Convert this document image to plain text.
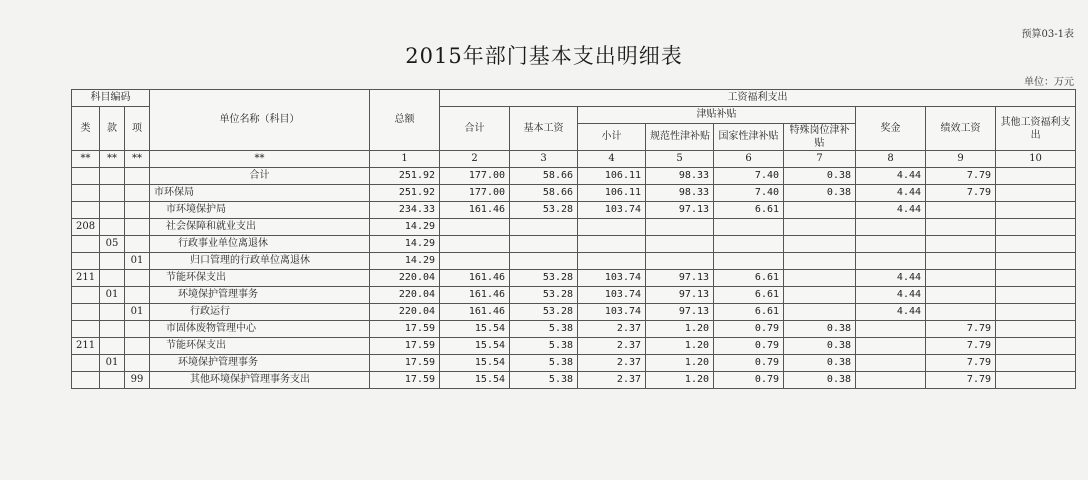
预算03-1表
2015年部门基本支出明细表
单位：万元
科目编码			单位名称（科目）	总额	工资福利支出								
类	款	项			合计	基本工资	津贴补贴				奖金	绩效工资	其他工资福利支出
							小计	规范性津补贴	国家性津补贴	特殊岗位津补贴			
**	**	**	**	1	2	3	4	5	6	7	8	9	10
			合计	251.92	177.00	58.66	106.11	98.33	7.40	0.38	4.44	7.79	
			市环保局	251.92	177.00	58.66	106.11	98.33	7.40	0.38	4.44	7.79	
			市环境保护局	234.33	161.46	53.28	103.74	97.13	6.61		4.44		
208			社会保障和就业支出	14.29									
	05		行政事业单位离退休	14.29									
		01	归口管理的行政单位离退休	14.29									
211			节能环保支出	220.04	161.46	53.28	103.74	97.13	6.61		4.44		
	01		环境保护管理事务	220.04	161.46	53.28	103.74	97.13	6.61		4.44		
		01	行政运行	220.04	161.46	53.28	103.74	97.13	6.61		4.44		
			市固体废物管理中心	17.59	15.54	5.38	2.37	1.20	0.79	0.38		7.79	
211			节能环保支出	17.59	15.54	5.38	2.37	1.20	0.79	0.38		7.79	
	01		环境保护管理事务	17.59	15.54	5.38	2.37	1.20	0.79	0.38		7.79	
		99	其他环境保护管理事务支出	17.59	15.54	5.38	2.37	1.20	0.79	0.38		7.79	
